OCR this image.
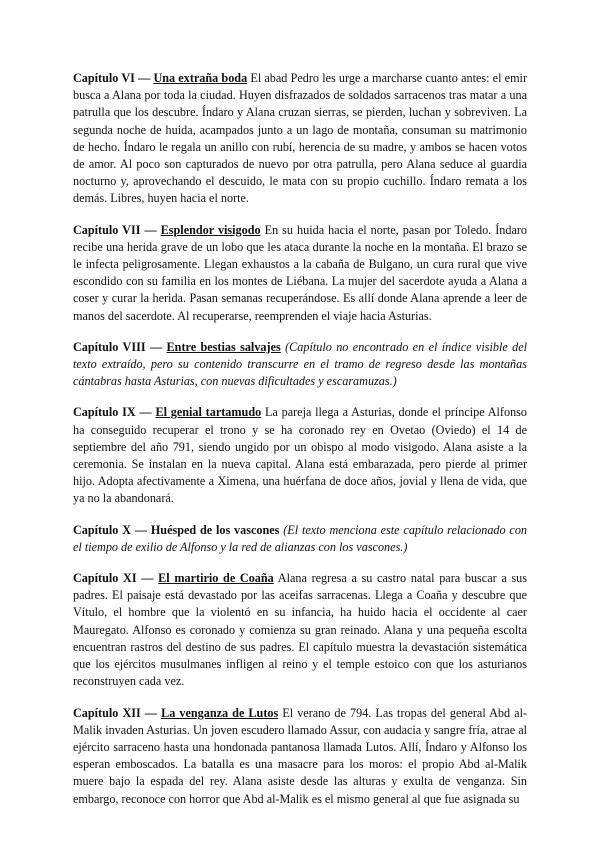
Capítulo VI — Una extraña boda El abad Pedro les urge a marcharse cuanto antes: el emir busca a Alana por toda la ciudad. Huyen disfrazados de soldados sarracenos tras matar a una patrulla que los descubre. Índaro y Alana cruzan sierras, se pierden, luchan y sobreviven. La segunda noche de huida, acampados junto a un lago de montaña, consuman su matrimonio de hecho. Índaro le regala un anillo con rubí, herencia de su madre, y ambos se hacen votos de amor. Al poco son capturados de nuevo por otra patrulla, pero Alana seduce al guardia nocturno y, aprovechando el descuido, le mata con su propio cuchillo. Índaro remata a los demás. Libres, huyen hacia el norte.

Capítulo VII — Esplendor visigodo En su huida hacia el norte, pasan por Toledo. Índaro recibe una herida grave de un lobo que les ataca durante la noche en la montaña. El brazo se le infecta peligrosamente. Llegan exhaustos a la cabaña de Bulgano, un cura rural que vive escondido con su familia en los montes de Liébana. La mujer del sacerdote ayuda a Alana a coser y curar la herida. Pasan semanas recuperándose. Es allí donde Alana aprende a leer de manos del sacerdote. Al recuperarse, reemprenden el viaje hacia Asturias.

Capítulo VIII — Entre bestias salvajes (Capítulo no encontrado en el índice visible del texto extraído, pero su contenido transcurre en el tramo de regreso desde las montañas cántabras hasta Asturias, con nuevas dificultades y escaramuzas.)

Capítulo IX — El genial tartamudo La pareja llega a Asturias, donde el príncipe Alfonso ha conseguido recuperar el trono y se ha coronado rey en Ovetao (Oviedo) el 14 de septiembre del año 791, siendo ungido por un obispo al modo visigodo. Alana asiste a la ceremonia. Se instalan en la nueva capital. Alana está embarazada, pero pierde al primer hijo. Adopta afectivamente a Ximena, una huérfana de doce años, jovial y llena de vida, que ya no la abandonará.

Capítulo X — Huésped de los vascones (El texto menciona este capítulo relacionado con el tiempo de exilio de Alfonso y la red de alianzas con los vascones.)

Capítulo XI — El martirio de Coaña Alana regresa a su castro natal para buscar a sus padres. El paisaje está devastado por las aceifas sarracenas. Llega a Coaña y descubre que Vítulo, el hombre que la violentó en su infancia, ha huido hacia el occidente al caer Mauregato. Alfonso es coronado y comienza su gran reinado. Alana y una pequeña escolta encuentran rastros del destino de sus padres. El capítulo muestra la devastación sistemática que los ejércitos musulmanes infligen al reino y el temple estoico con que los asturianos reconstruyen cada vez.

Capítulo XII — La venganza de Lutos El verano de 794. Las tropas del general Abd al-Malik invaden Asturias. Un joven escudero llamado Assur, con audacia y sangre fría, atrae al ejército sarraceno hasta una hondonada pantanosa llamada Lutos. Allí, Índaro y Alfonso los esperan emboscados. La batalla es una masacre para los moros: el propio Abd al-Malik muere bajo la espada del rey. Alana asiste desde las alturas y exulta de venganza. Sin embargo, reconoce con horror que Abd al-Malik es el mismo general al que fue asignada su
